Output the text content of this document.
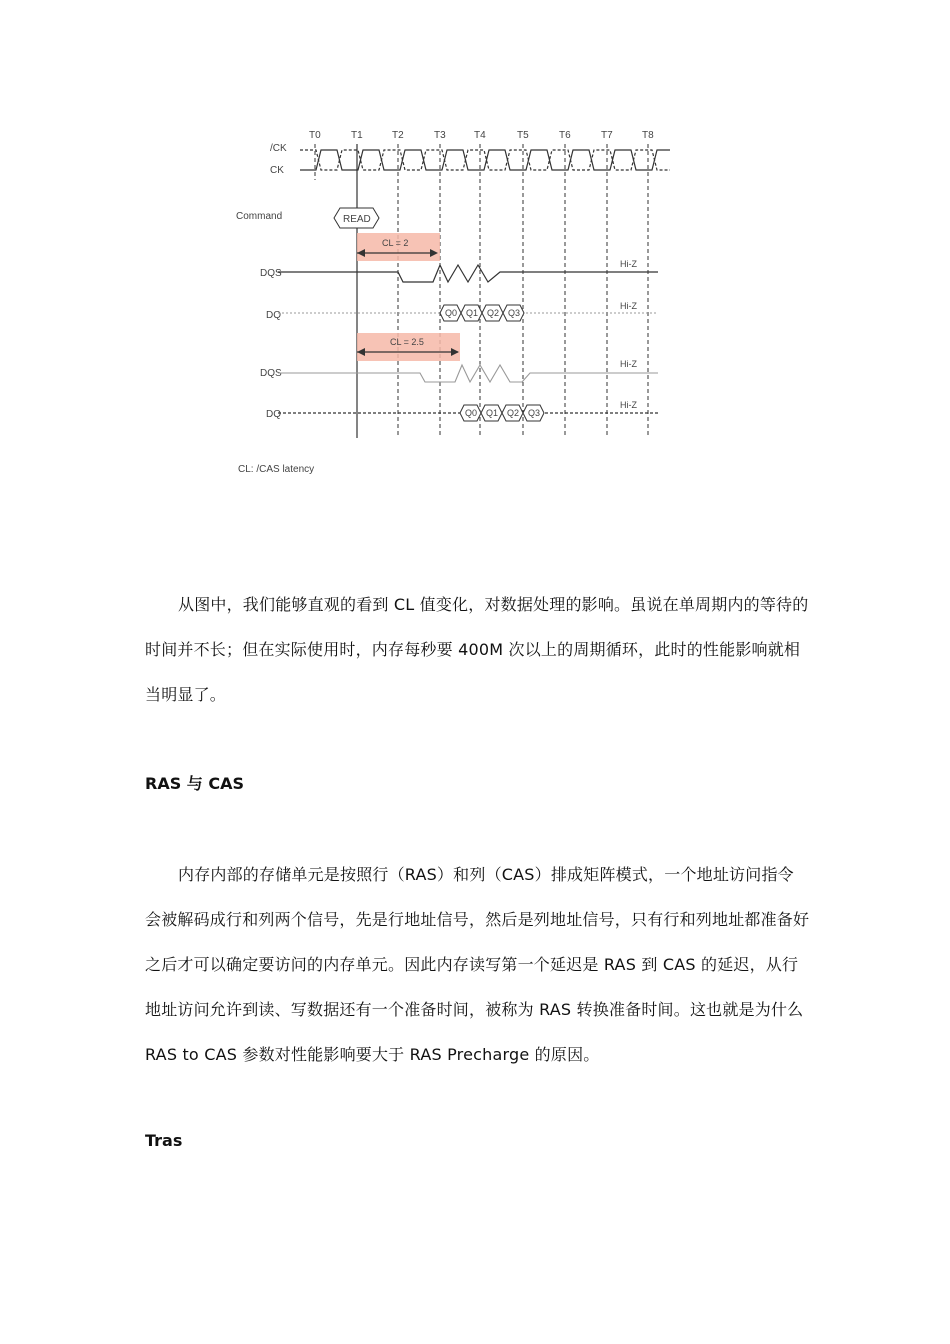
T0	T1	T2	T3	T4	T5	T6	T7	T8
/CK
CK
Command
DQS
DQ
DQS
DQ
READ
CL = 2
CL = 2.5
Q0 Q1 Q2 Q3
Q0 Q1 Q2 Q3
Hi-Z
Hi-Z
Hi-Z
Hi-Z
CL: /CAS latency

从图中，我们能够直观的看到 CL 值变化，对数据处理的影响。虽说在单周期内的等待的时间并不长；但在实际使用时，内存每秒要 400M 次以上的周期循环，此时的性能影响就相当明显了。

RAS 与 CAS

内存内部的存储单元是按照行（RAS）和列（CAS）排成矩阵模式，一个地址访问指令会被解码成行和列两个信号，先是行地址信号，然后是列地址信号，只有行和列地址都准备好之后才可以确定要访问的内存单元。因此内存读写第一个延迟是 RAS 到 CAS 的延迟，从行地址访问允许到读、写数据还有一个准备时间，被称为 RAS 转换准备时间。这也就是为什么 RAS to CAS 参数对性能影响要大于 RAS Precharge 的原因。

Tras
